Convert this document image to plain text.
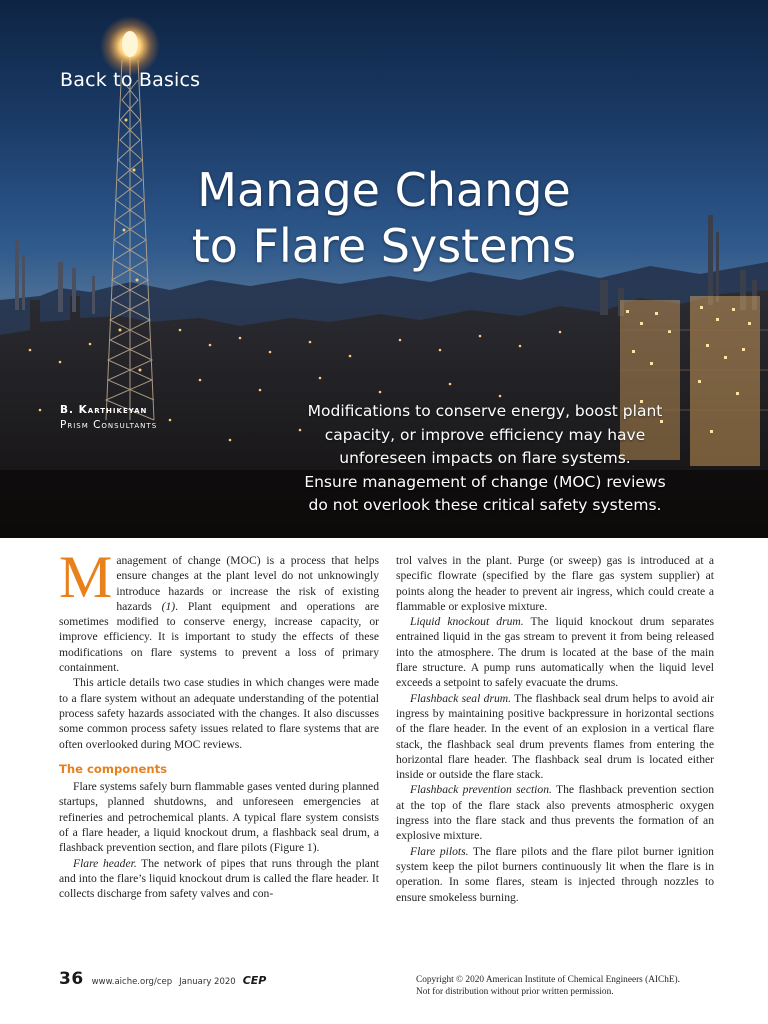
Back to Basics
Manage Change
to Flare Systems
B. Karthikeyan
Prism Consultants
Modifications to conserve energy, boost plant
capacity, or improve efficiency may have
unforeseen impacts on flare systems.
Ensure management of change (MOC) reviews
do not overlook these critical safety systems.

Management of change (MOC) is a process that helps ensure changes at the plant level do not unknowingly introduce hazards or increase the risk of existing hazards (1). Plant equipment and operations are sometimes modified to conserve energy, increase capacity, or improve efficiency. It is important to study the effects of these modifications on flare systems to prevent a loss of primary containment.

This article details two case studies in which changes were made to a flare system without an adequate understanding of the potential process safety hazards associated with the changes. It also discusses some common process safety issues related to flare systems that are often overlooked during MOC reviews.

The components

Flare systems safely burn flammable gases vented during planned startups, planned shutdowns, and unforeseen emergencies at refineries and petrochemical plants. A typical flare system consists of a flare header, a liquid knockout drum, a flashback seal drum, a flashback prevention section, and flare pilots (Figure 1).

Flare header. The network of pipes that runs through the plant and into the flare’s liquid knockout drum is called the flare header. It collects discharge from safety valves and con-

trol valves in the plant. Purge (or sweep) gas is introduced at a specific flowrate (specified by the flare gas system supplier) at points along the header to prevent air ingress, which could create a flammable or explosive mixture.

Liquid knockout drum. The liquid knockout drum separates entrained liquid in the gas stream to prevent it from being released into the atmosphere. The drum is located at the base of the main flare structure. A pump runs automatically when the liquid level exceeds a setpoint to safely evacuate the drums.

Flashback seal drum. The flashback seal drum helps to avoid air ingress by maintaining positive backpressure in horizontal sections of the flare header. In the event of an explosion in a vertical flare stack, the flashback seal drum prevents flames from entering the horizontal flare header. The flashback seal drum is located either inside or outside the flare stack.

Flashback prevention section. The flashback prevention section at the top of the flare stack also prevents atmospheric oxygen ingress into the flare stack and thus prevents the formation of an explosive mixture.

Flare pilots. The flare pilots and the flare pilot burner ignition system keep the pilot burners continuously lit when the flare is in operation. In some flares, steam is injected through nozzles to ensure smokeless burning.

36 www.aiche.org/cep January 2020 CEP	Copyright © 2020 American Institute of Chemical Engineers (AIChE).
Not for distribution without prior written permission.
